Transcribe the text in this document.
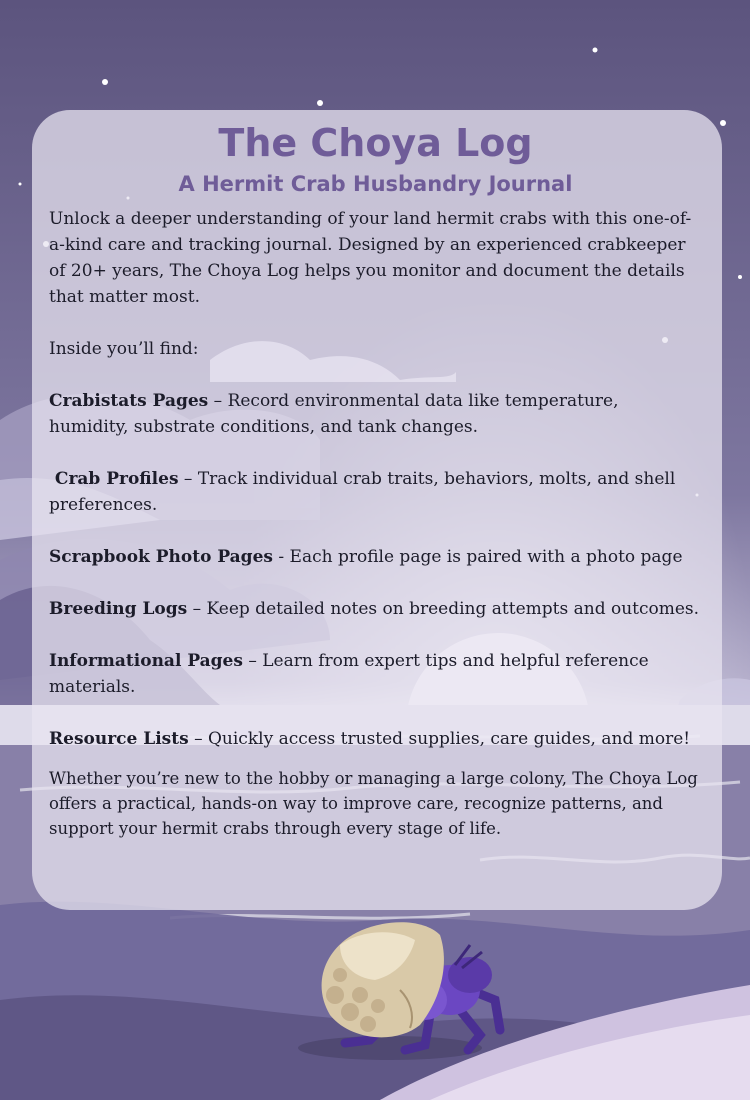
The Choya Log
A Hermit Crab Husbandry Journal

Unlock a deeper understanding of your land hermit crabs with this one-of-a-kind care and tracking journal. Designed by an experienced crabkeeper of 20+ years, The Choya Log helps you monitor and document the details that matter most.

Inside you’ll find:

Crabistats Pages – Record environmental data like temperature, humidity, substrate conditions, and tank changes.

Crab Profiles – Track individual crab traits, behaviors, molts, and shell preferences.

Scrapbook Photo Pages - Each profile page is paired with a photo page

Breeding Logs – Keep detailed notes on breeding attempts and outcomes.

Informational Pages – Learn from expert tips and helpful reference materials.

Resource Lists – Quickly access trusted supplies, care guides, and more!

Whether you’re new to the hobby or managing a large colony, The Choya Log offers a practical, hands-on way to improve care, recognize patterns, and support your hermit crabs through every stage of life.
